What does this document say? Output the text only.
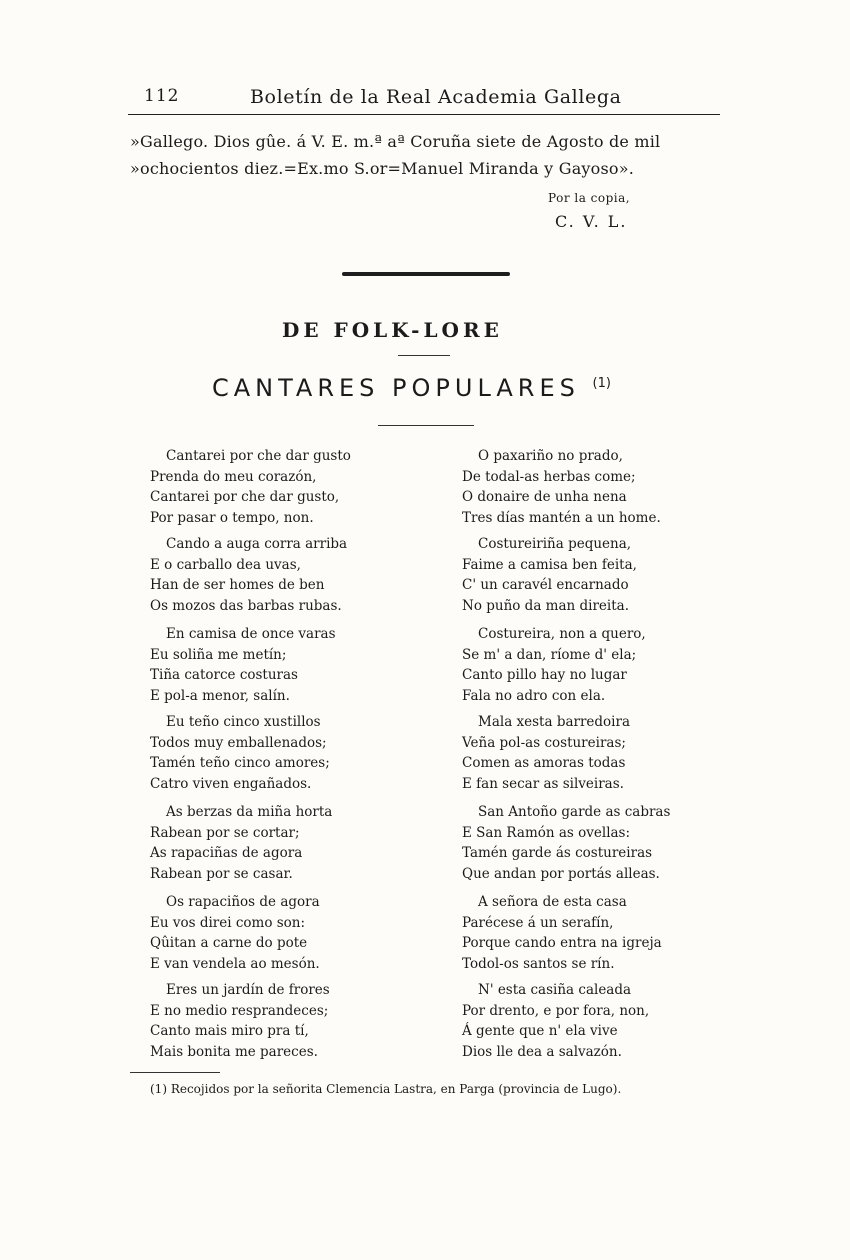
112	Boletín de la Real Academia Gallega
»Gallego. Dios gûe. á V. E. m.ª aª Coruña siete de Agosto de mil
»ochocientos diez.=Ex.mo S.or=Manuel Miranda y Gayoso».
Por la copia,
C. V. L.
DE FOLK-LORE
CANTARES POPULARES $^{(1)}$
Cantarei por che dar gusto
Prenda do meu corazón,
Cantarei por che dar gusto,
Por pasar o tempo, non.
Cando a auga corra arriba
E o carballo dea uvas,
Han de ser homes de ben
Os mozos das barbas rubas.
En camisa de once varas
Eu soliña me metín;
Tiña catorce costuras
E pol-a menor, salín.
Eu teño cinco xustillos
Todos muy emballenados;
Tamén teño cinco amores;
Catro viven engañados.
As berzas da miña horta
Rabean por se cortar;
As rapaciñas de agora
Rabean por se casar.
Os rapaciños de agora
Eu vos direi como son:
Qûitan a carne do pote
E van vendela ao mesón.
Eres un jardín de frores
E no medio resprandeces;
Canto mais miro pra tí,
Mais bonita me pareces.
O paxariño no prado,
De todal-as herbas come;
O donaire de unha nena
Tres días mantén a un home.
Costureiriña pequena,
Faime a camisa ben feita,
C' un caravél encarnado
No puño da man direita.
Costureira, non a quero,
Se m' a dan, ríome d' ela;
Canto pillo hay no lugar
Fala no adro con ela.
Mala xesta barredoira
Veña pol-as costureiras;
Comen as amoras todas
E fan secar as silveiras.
San Antoño garde as cabras
E San Ramón as ovellas:
Tamén garde ás costureiras
Que andan por portás alleas.
A señora de esta casa
Parécese á un serafín,
Porque cando entra na igreja
Todol-os santos se rín.
N' esta casiña caleada
Por drento, e por fora, non,
Á gente que n' ela vive
Dios lle dea a salvazón.
(1) Recojidos por la señorita Clemencia Lastra, en Parga (provincia de Lugo).
